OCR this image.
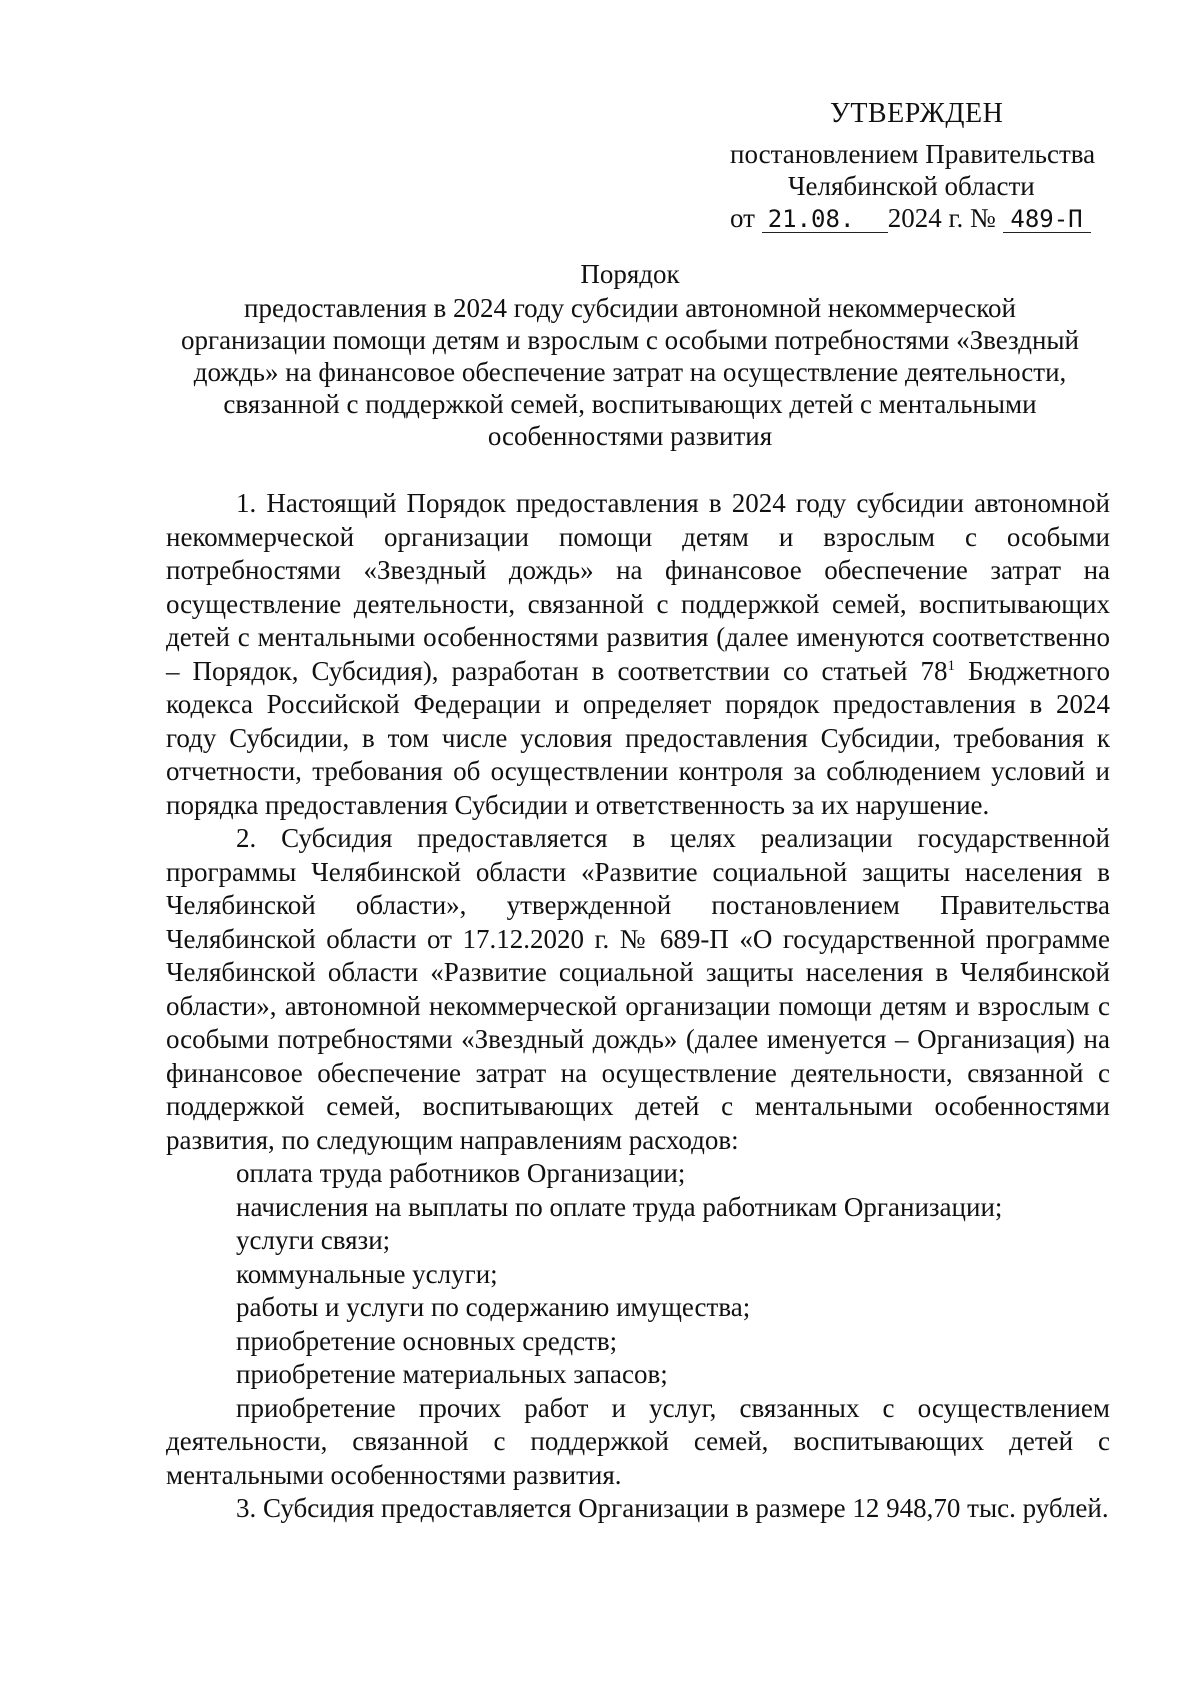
УТВЕРЖДЕН
постановлением Правительства
Челябинской области
от 21.08. 2024 г. № 489-П
Порядок
предоставления в 2024 году субсидии автономной некоммерческой
организации помощи детям и взрослым с особыми потребностями «Звездный
дождь» на финансовое обеспечение затрат на осуществление деятельности,
связанной с поддержкой семей, воспитывающих детей с ментальными
особенностями развития

1. Настоящий Порядок предоставления в 2024 году субсидии автономной некоммерческой организации помощи детям и взрослым с особыми потребностями «Звездный дождь» на финансовое обеспечение затрат на осуществление деятельности, связанной с поддержкой семей, воспитывающих детей с ментальными особенностями развития (далее именуются соответственно – Порядок, Субсидия), разработан в соответствии со статьей $78^1$ Бюджетного кодекса Российской Федерации и определяет порядок предоставления в 2024 году Субсидии, в том числе условия предоставления Субсидии, требования к отчетности, требования об осуществлении контроля за соблюдением условий и порядка предоставления Субсидии и ответственность за их нарушение.

2. Субсидия предоставляется в целях реализации государственной программы Челябинской области «Развитие социальной защиты населения в Челябинской области», утвержденной постановлением Правительства Челябинской области от 17.12.2020 г. № 689-П «О государственной программе Челябинской области «Развитие социальной защиты населения в Челябинской области», автономной некоммерческой организации помощи детям и взрослым с особыми потребностями «Звездный дождь» (далее именуется – Организация) на финансовое обеспечение затрат на осуществление деятельности, связанной с поддержкой семей, воспитывающих детей с ментальными особенностями развития, по следующим направлениям расходов:

оплата труда работников Организации;
начисления на выплаты по оплате труда работникам Организации;
услуги связи;
коммунальные услуги;
работы и услуги по содержанию имущества;
приобретение основных средств;
приобретение материальных запасов;
приобретение прочих работ и услуг, связанных с осуществлением деятельности, связанной с поддержкой семей, воспитывающих детей с ментальными особенностями развития.

3. Субсидия предоставляется Организации в размере 12 948,70 тыс. рублей.
